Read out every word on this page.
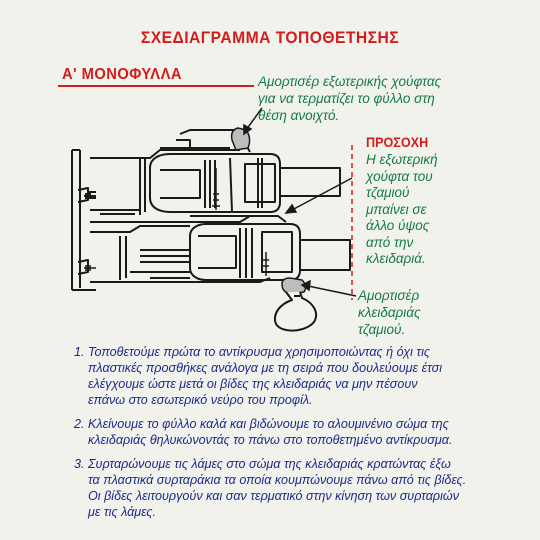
ΣΧΕΔΙΑΓΡΑΜΜΑ ΤΟΠΟΘΕΤΗΣΗΣ
Α' ΜΟΝΟΦΥΛΛΑ	Αμορτισέρ εξωτερικής χούφτας
για να τερματίζει το φύλλο στη
θέση ανοιχτό.
ΠΡΟΣΟΧΗ
Η εξωτερική
χούφτα του
τζαμιού
μπαίνει σε
άλλο ύψος
από την
κλειδαριά.
Αμορτισέρ
κλειδαριάς
τζαμιού.
1. Τοποθετούμε πρώτα το αντίκρυσμα χρησιμοποιώντας ή όχι τις
πλαστικές προσθήκες ανάλογα με τη σειρά που δουλεύουμε έτσι
ελέγχουμε ώστε μετά οι βίδες της κλειδαριάς να μην πέσουν
επάνω στο εσωτερικό νεύρο του προφίλ.
2. Κλείνουμε το φύλλο καλά και βιδώνουμε το αλουμινένιο σώμα της
κλειδαριάς θηλυκώνοντάς το πάνω στο τοποθετημένο αντίκρυσμα.
3. Συρταρώνουμε τις λάμες στο σώμα της κλειδαριάς κρατώντας έξω
τα πλαστικά συρταράκια τα οποία κουμπώνουμε πάνω από τις βίδες.
Οι βίδες λειτουργούν και σαν τερματικό στην κίνηση των συρταριών
με τις λάμες.
